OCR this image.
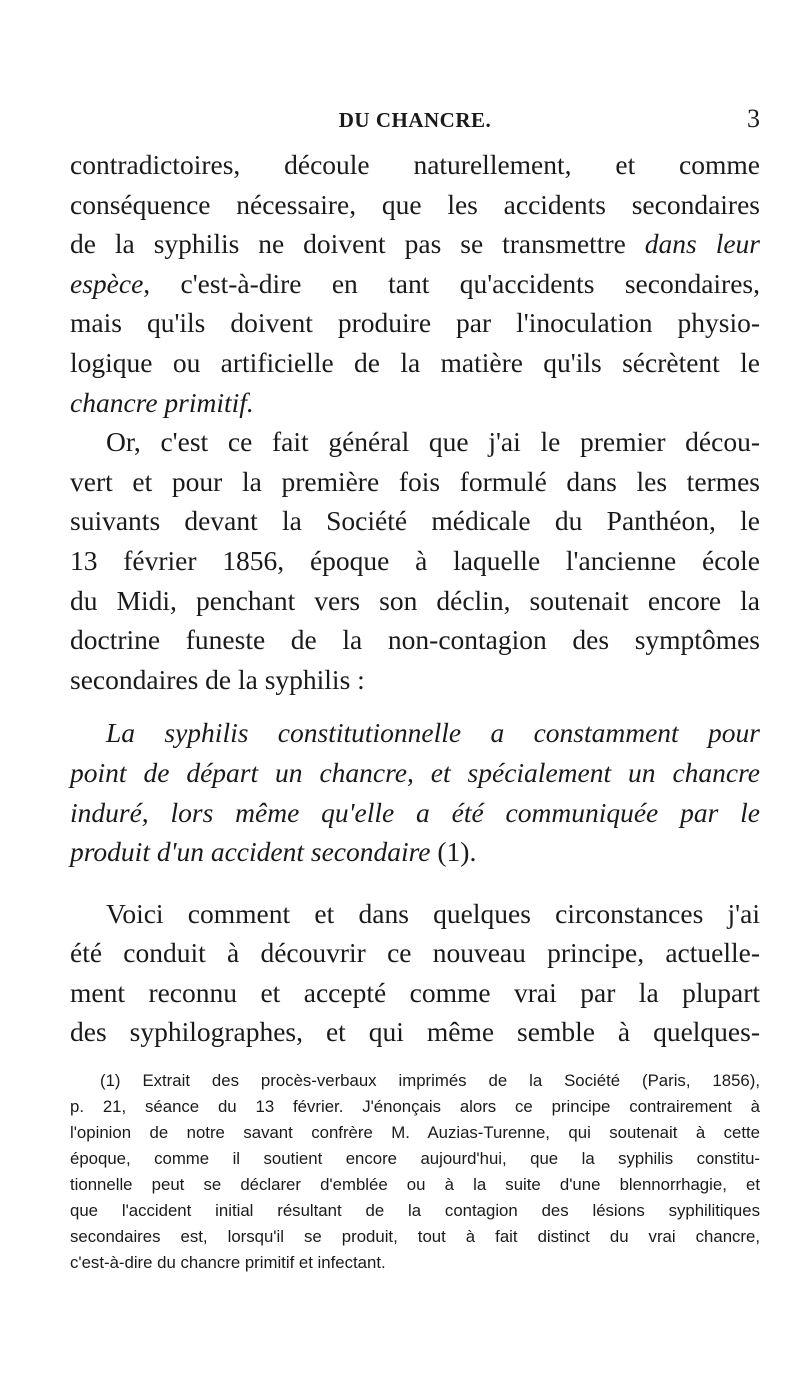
DU CHANCRE.	3
contradictoires, découle naturellement, et comme
conséquence nécessaire, que les accidents secondaires
de la syphilis ne doivent pas se transmettre dans leur
espèce, c'est-à-dire en tant qu'accidents secondaires,
mais qu'ils doivent produire par l'inoculation physio-
logique ou artificielle de la matière qu'ils sécrètent le
chancre primitif.
Or, c'est ce fait général que j'ai le premier décou-
vert et pour la première fois formulé dans les termes
suivants devant la Société médicale du Panthéon, le
13 février 1856, époque à laquelle l'ancienne école
du Midi, penchant vers son déclin, soutenait encore la
doctrine funeste de la non-contagion des symptômes
secondaires de la syphilis :
La syphilis constitutionnelle a constamment pour
point de départ un chancre, et spécialement un chancre
induré, lors même qu'elle a été communiquée par le
produit d'un accident secondaire (1).
Voici comment et dans quelques circonstances j'ai
été conduit à découvrir ce nouveau principe, actuelle-
ment reconnu et accepté comme vrai par la plupart
des syphilographes, et qui même semble à quelques-
(1) Extrait des procès-verbaux imprimés de la Société (Paris, 1856),
p. 21, séance du 13 février. J'énonçais alors ce principe contrairement à
l'opinion de notre savant confrère M. Auzias-Turenne, qui soutenait à cette
époque, comme il soutient encore aujourd'hui, que la syphilis constitu-
tionnelle peut se déclarer d'emblée ou à la suite d'une blennorrhagie, et
que l'accident initial résultant de la contagion des lésions syphilitiques
secondaires est, lorsqu'il se produit, tout à fait distinct du vrai chancre,
c'est-à-dire du chancre primitif et infectant.
